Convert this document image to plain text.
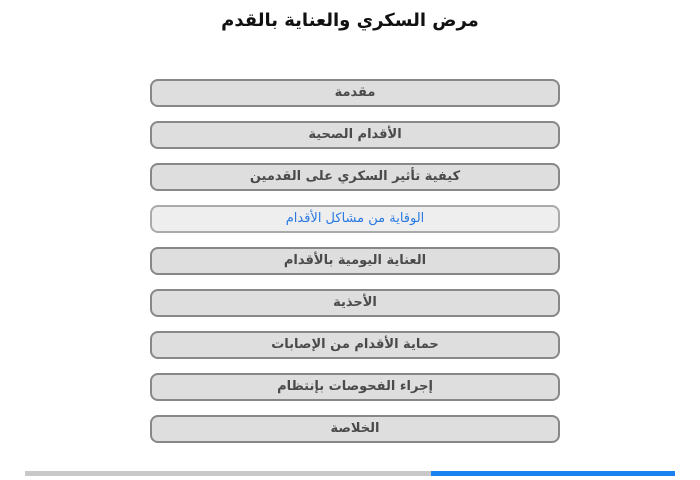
مرض السكري والعناية بالقدم
مقدمة
الأقدام الصحية
كيفية تأثير السكري على القدمين
الوقاية من مشاكل الأقدام
العناية اليومية بالأقدام
الأحذية
حماية الأقدام من الإصابات
إجراء الفحوصات بإنتظام
الخلاصة
